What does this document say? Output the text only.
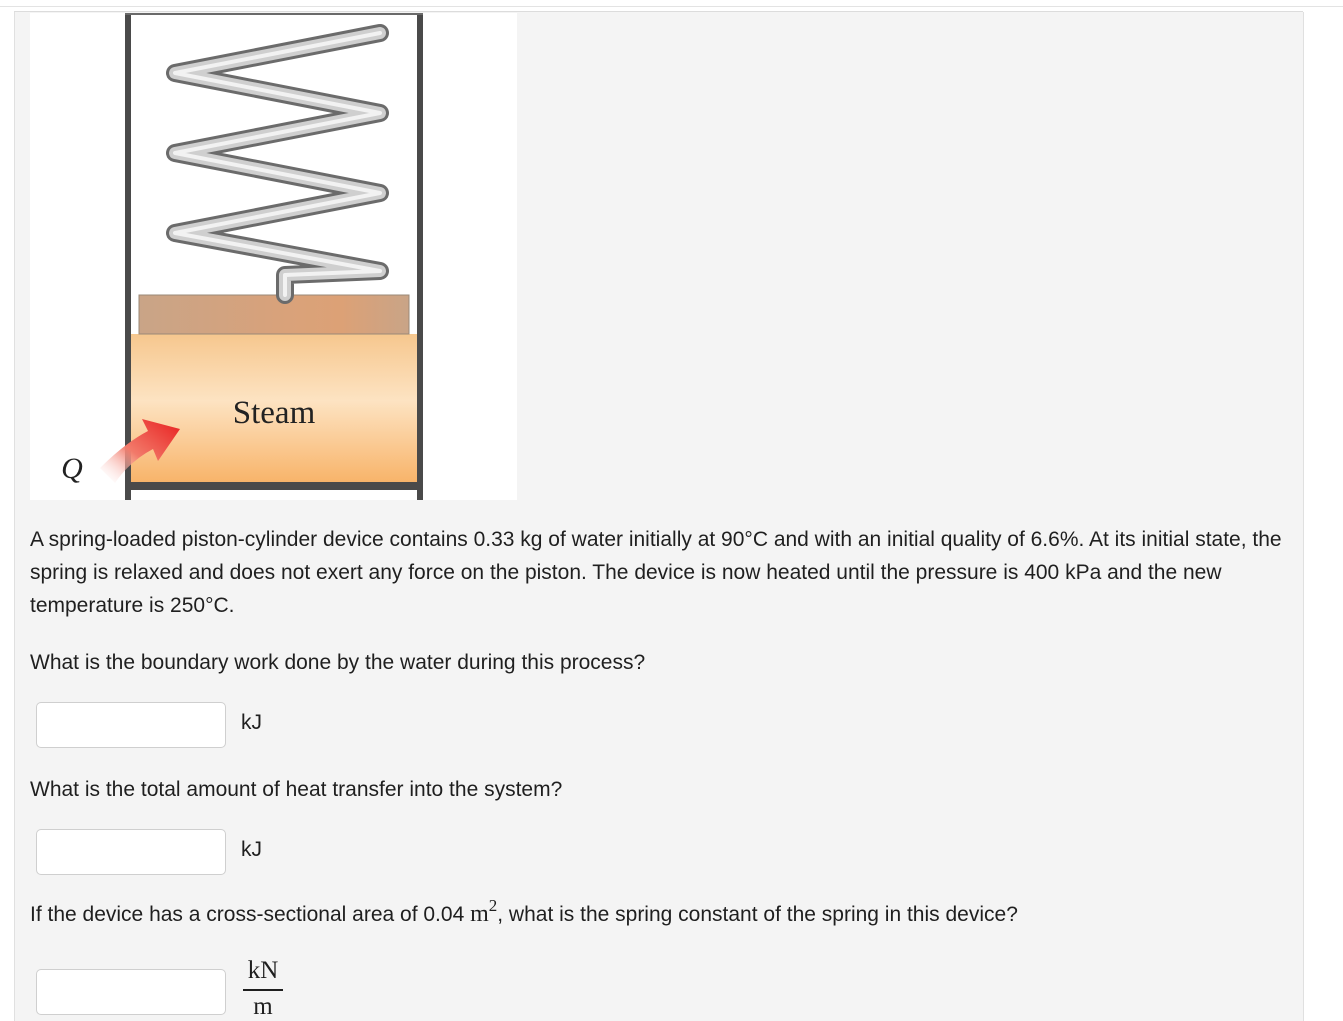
Steam
Q

A spring-loaded piston-cylinder device contains 0.33 kg of water initially at 90°C and with an initial quality of 6.6%. At its initial state, the spring is relaxed and does not exert any force on the piston. The device is now heated until the pressure is 400 kPa and the new temperature is 250°C.

What is the boundary work done by the water during this process?

kJ

What is the total amount of heat transfer into the system?

kJ

If the device has a cross-sectional area of 0.04 $m^2$, what is the spring constant of the spring in this device?

kN
m
